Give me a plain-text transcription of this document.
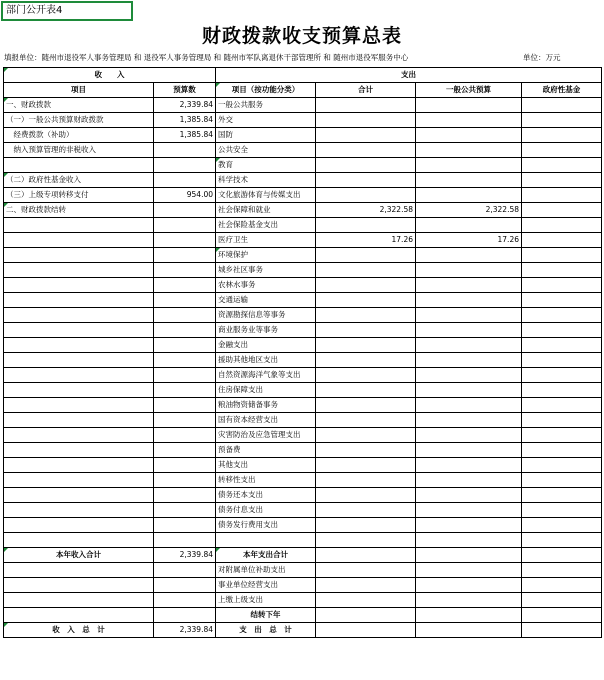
部门公开表4
财政拨款收支预算总表
填报单位：随州市退役军人事务管理局 和 退役军人事务管理局 和 随州市军队离退休干部管理所 和 随州市退役军服务中心	单位：万元
收　　入		支出			
项目	预算数	项目（按功能分类）	合计	一般公共预算	政府性基金
一、财政拨款	2,339.84	一般公共服务			
（一）一般公共预算财政拨款	1,385.84	外交			
　经费拨款（补助）	1,385.84	国防			
　纳入预算管理的非税收入		公共安全			
		教育			
（二）政府性基金收入		科学技术			
（三）上级专项转移支付	954.00	文化旅游体育与传媒支出			
二、财政拨款结转		社会保障和就业	2,322.58	2,322.58	
		社会保险基金支出			
		医疗卫生	17.26	17.26	
		环境保护			
		城乡社区事务			
		农林水事务			
		交通运输			
		资源勘探信息等事务			
		商业服务业等事务			
		金融支出			
		援助其他地区支出			
		自然资源海洋气象等支出			
		住房保障支出			
		粮油物资储备事务			
		国有资本经营支出			
		灾害防治及应急管理支出			
		预备费			
		其他支出			
		转移性支出			
		债务还本支出			
		债务付息支出			
		债务发行费用支出			

本年收入合计	2,339.84	本年支出合计			
		对附属单位补助支出			
		事业单位经营支出			
		上缴上级支出			
		结转下年			
收　入　总　计	2,339.84	支　出　总　计			
